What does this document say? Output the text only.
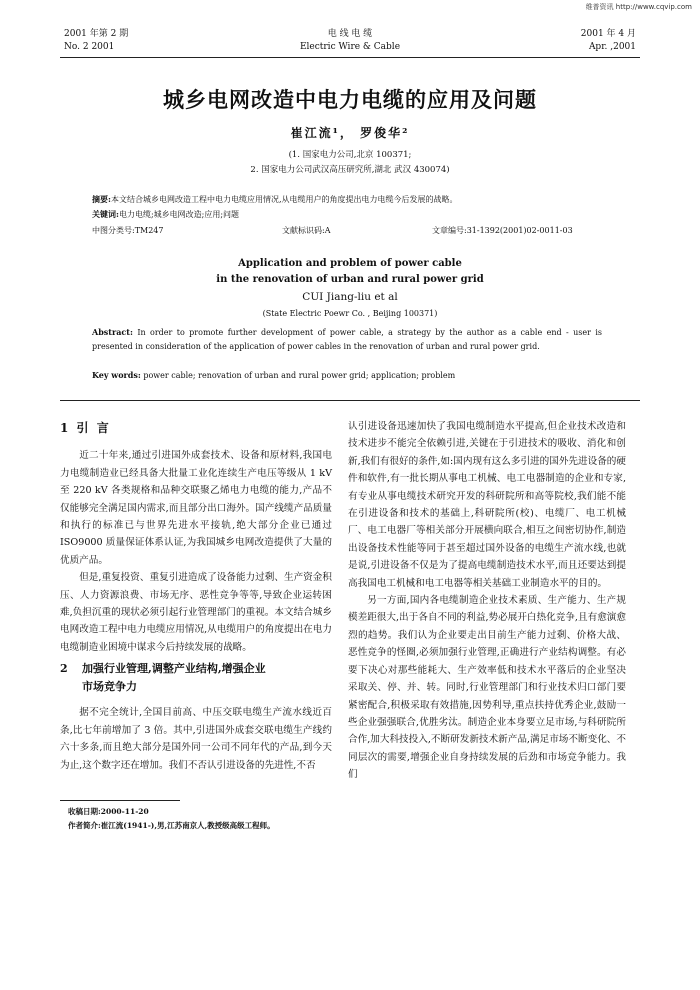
维普资讯 http://www.cqvip.com
2001 年第 2 期
No. 2 2001
电 线 电 缆
Electric Wire & Cable
2001 年 4 月
Apr. ,2001
城乡电网改造中电力电缆的应用及问题
崔江流¹， 罗俊华²
(1. 国家电力公司,北京 100371;
2. 国家电力公司武汉高压研究所,湖北 武汉 430074)
摘要:本文结合城乡电网改造工程中电力电缆应用情况,从电缆用户的角度提出电力电缆今后发展的战略。
关键词:电力电缆;城乡电网改造;应用;问题
中图分类号:TM247	文献标识码:A	文章编号:31-1392(2001)02-0011-03
Application and problem of power cable
in the renovation of urban and rural power grid
CUI Jiang-liu et al
(State Electric Poewr Co. , Beijing 100371)
Abstract: In order to promote further development of power cable, a strategy by the author as a cable end - user is presented in consideration of the application of power cables in the renovation of urban and rural power grid.
Key words: power cable; renovation of urban and rural power grid; application; problem
1 引 言

近二十年来,通过引进国外成套技术、设备和原材料,我国电力电缆制造业已经具备大批量工业化连续生产电压等级从 1 kV 至 220 kV 各类规格和品种交联聚乙烯电力电缆的能力,产品不仅能够完全满足国内需求,而且部分出口海外。国产线缆产品质量和执行的标准已与世界先进水平接轨,绝大部分企业已通过 ISO9000 质量保证体系认证,为我国城乡电网改造提供了大量的优质产品。

但是,重复投资、重复引进造成了设备能力过剩、生产资金积压、人力资源浪费、市场无序、恶性竞争等等,导致企业运转困难,负担沉重的现状必须引起行业管理部门的重视。本文结合城乡电网改造工程中电力电缆应用情况,从电缆用户的角度提出在电力电缆制造业困境中谋求今后持续发展的战略。

2 加强行业管理,调整产业结构,增强企业
市场竞争力

据不完全统计,全国目前高、中压交联电缆生产流水线近百条,比七年前增加了 3 倍。其中,引进国外成套交联电缆生产线约六十多条,而且绝大部分是国外同一公司不同年代的产品,到今天为止,这个数字还在增加。我们不否认引进设备的先进性,不否

认引进设备迅速加快了我国电缆制造水平提高,但企业技术改造和技术进步不能完全依赖引进,关键在于引进技术的吸收、消化和创新,我们有很好的条件,如:国内现有这么多引进的国外先进设备的硬件和软件,有一批长期从事电工机械、电工电器制造的企业和专家,有专业从事电缆技术研究开发的科研院所和高等院校,我们能不能在引进设备和技术的基础上,科研院所(校)、电缆厂、电工机械厂、电工电器厂等相关部分开展横向联合,相互之间密切协作,制造出设备技术性能等同于甚至超过国外设备的电缆生产流水线,也就是说,引进设备不仅是为了提高电缆制造技术水平,而且还要达到提高我国电工机械和电工电器等相关基础工业制造水平的目的。

另一方面,国内各电缆制造企业技术素质、生产能力、生产规模差距很大,出于各自不同的利益,势必展开白热化竞争,且有愈演愈烈的趋势。我们认为企业要走出目前生产能力过剩、价格大战、恶性竞争的怪圈,必须加强行业管理,正确进行产业结构调整。有必要下决心对那些能耗大、生产效率低和技术水平落后的企业坚决采取关、停、并、转。同时,行业管理部门和行业技术归口部门要紧密配合,积极采取有效措施,因势利导,重点扶持优秀企业,鼓励一些企业强强联合,优胜劣汰。制造企业本身要立足市场,与科研院所合作,加大科技投入,不断研发新技术新产品,满足市场不断变化、不同层次的需要,增强企业自身持续发展的后劲和市场竞争能力。我们

收稿日期:2000-11-20
作者简介:崔江流(1941-),男,江苏南京人,教授级高级工程师。
